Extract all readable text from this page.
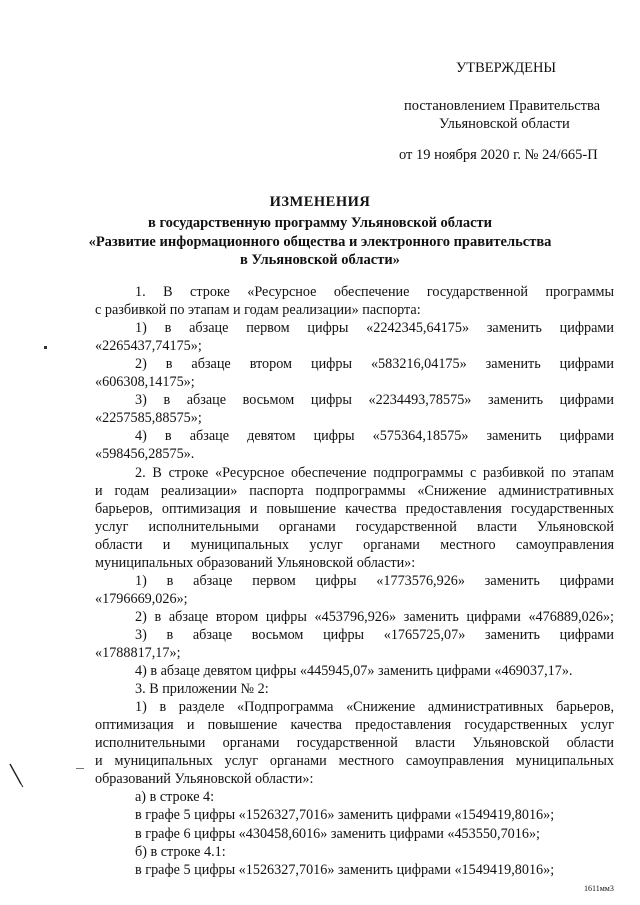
УТВЕРЖДЕНЫ
постановлением Правительства
Ульяновской области
от 19 ноября 2020 г. № 24/665-П
ИЗМЕНЕНИЯ
в государственную программу Ульяновской области
«Развитие информационного общества и электронного правительства
в Ульяновской области»
1. В строке «Ресурсное обеспечение государственной программы
с разбивкой по этапам и годам реализации» паспорта:
1) в абзаце первом цифры «2242345,64175» заменить цифрами
«2265437,74175»;
2) в абзаце втором цифры «583216,04175» заменить цифрами
«606308,14175»;
3) в абзаце восьмом цифры «2234493,78575» заменить цифрами
«2257585,88575»;
4) в абзаце девятом цифры «575364,18575» заменить цифрами
«598456,28575».
2. В строке «Ресурсное обеспечение подпрограммы с разбивкой по этапам
и годам реализации» паспорта подпрограммы «Снижение административных
барьеров, оптимизация и повышение качества предоставления государственных
услуг исполнительными органами государственной власти Ульяновской
области и муниципальных услуг органами местного самоуправления
муниципальных образований Ульяновской области»:
1) в абзаце первом цифры «1773576,926» заменить цифрами
«1796669,026»;
2) в абзаце втором цифры «453796,926» заменить цифрами «476889,026»;
3) в абзаце восьмом цифры «1765725,07» заменить цифрами
«1788817,17»;
4) в абзаце девятом цифры «445945,07» заменить цифрами «469037,17».
3. В приложении № 2:
1) в разделе «Подпрограмма «Снижение административных барьеров,
оптимизация и повышение качества предоставления государственных услуг
исполнительными органами государственной власти Ульяновской области
и муниципальных услуг органами местного самоуправления муниципальных
образований Ульяновской области»:
а) в строке 4:
в графе 5 цифры «1526327,7016» заменить цифрами «1549419,8016»;
в графе 6 цифры «430458,6016» заменить цифрами «453550,7016»;
б) в строке 4.1:
в графе 5 цифры «1526327,7016» заменить цифрами «1549419,8016»;
1611мм3
